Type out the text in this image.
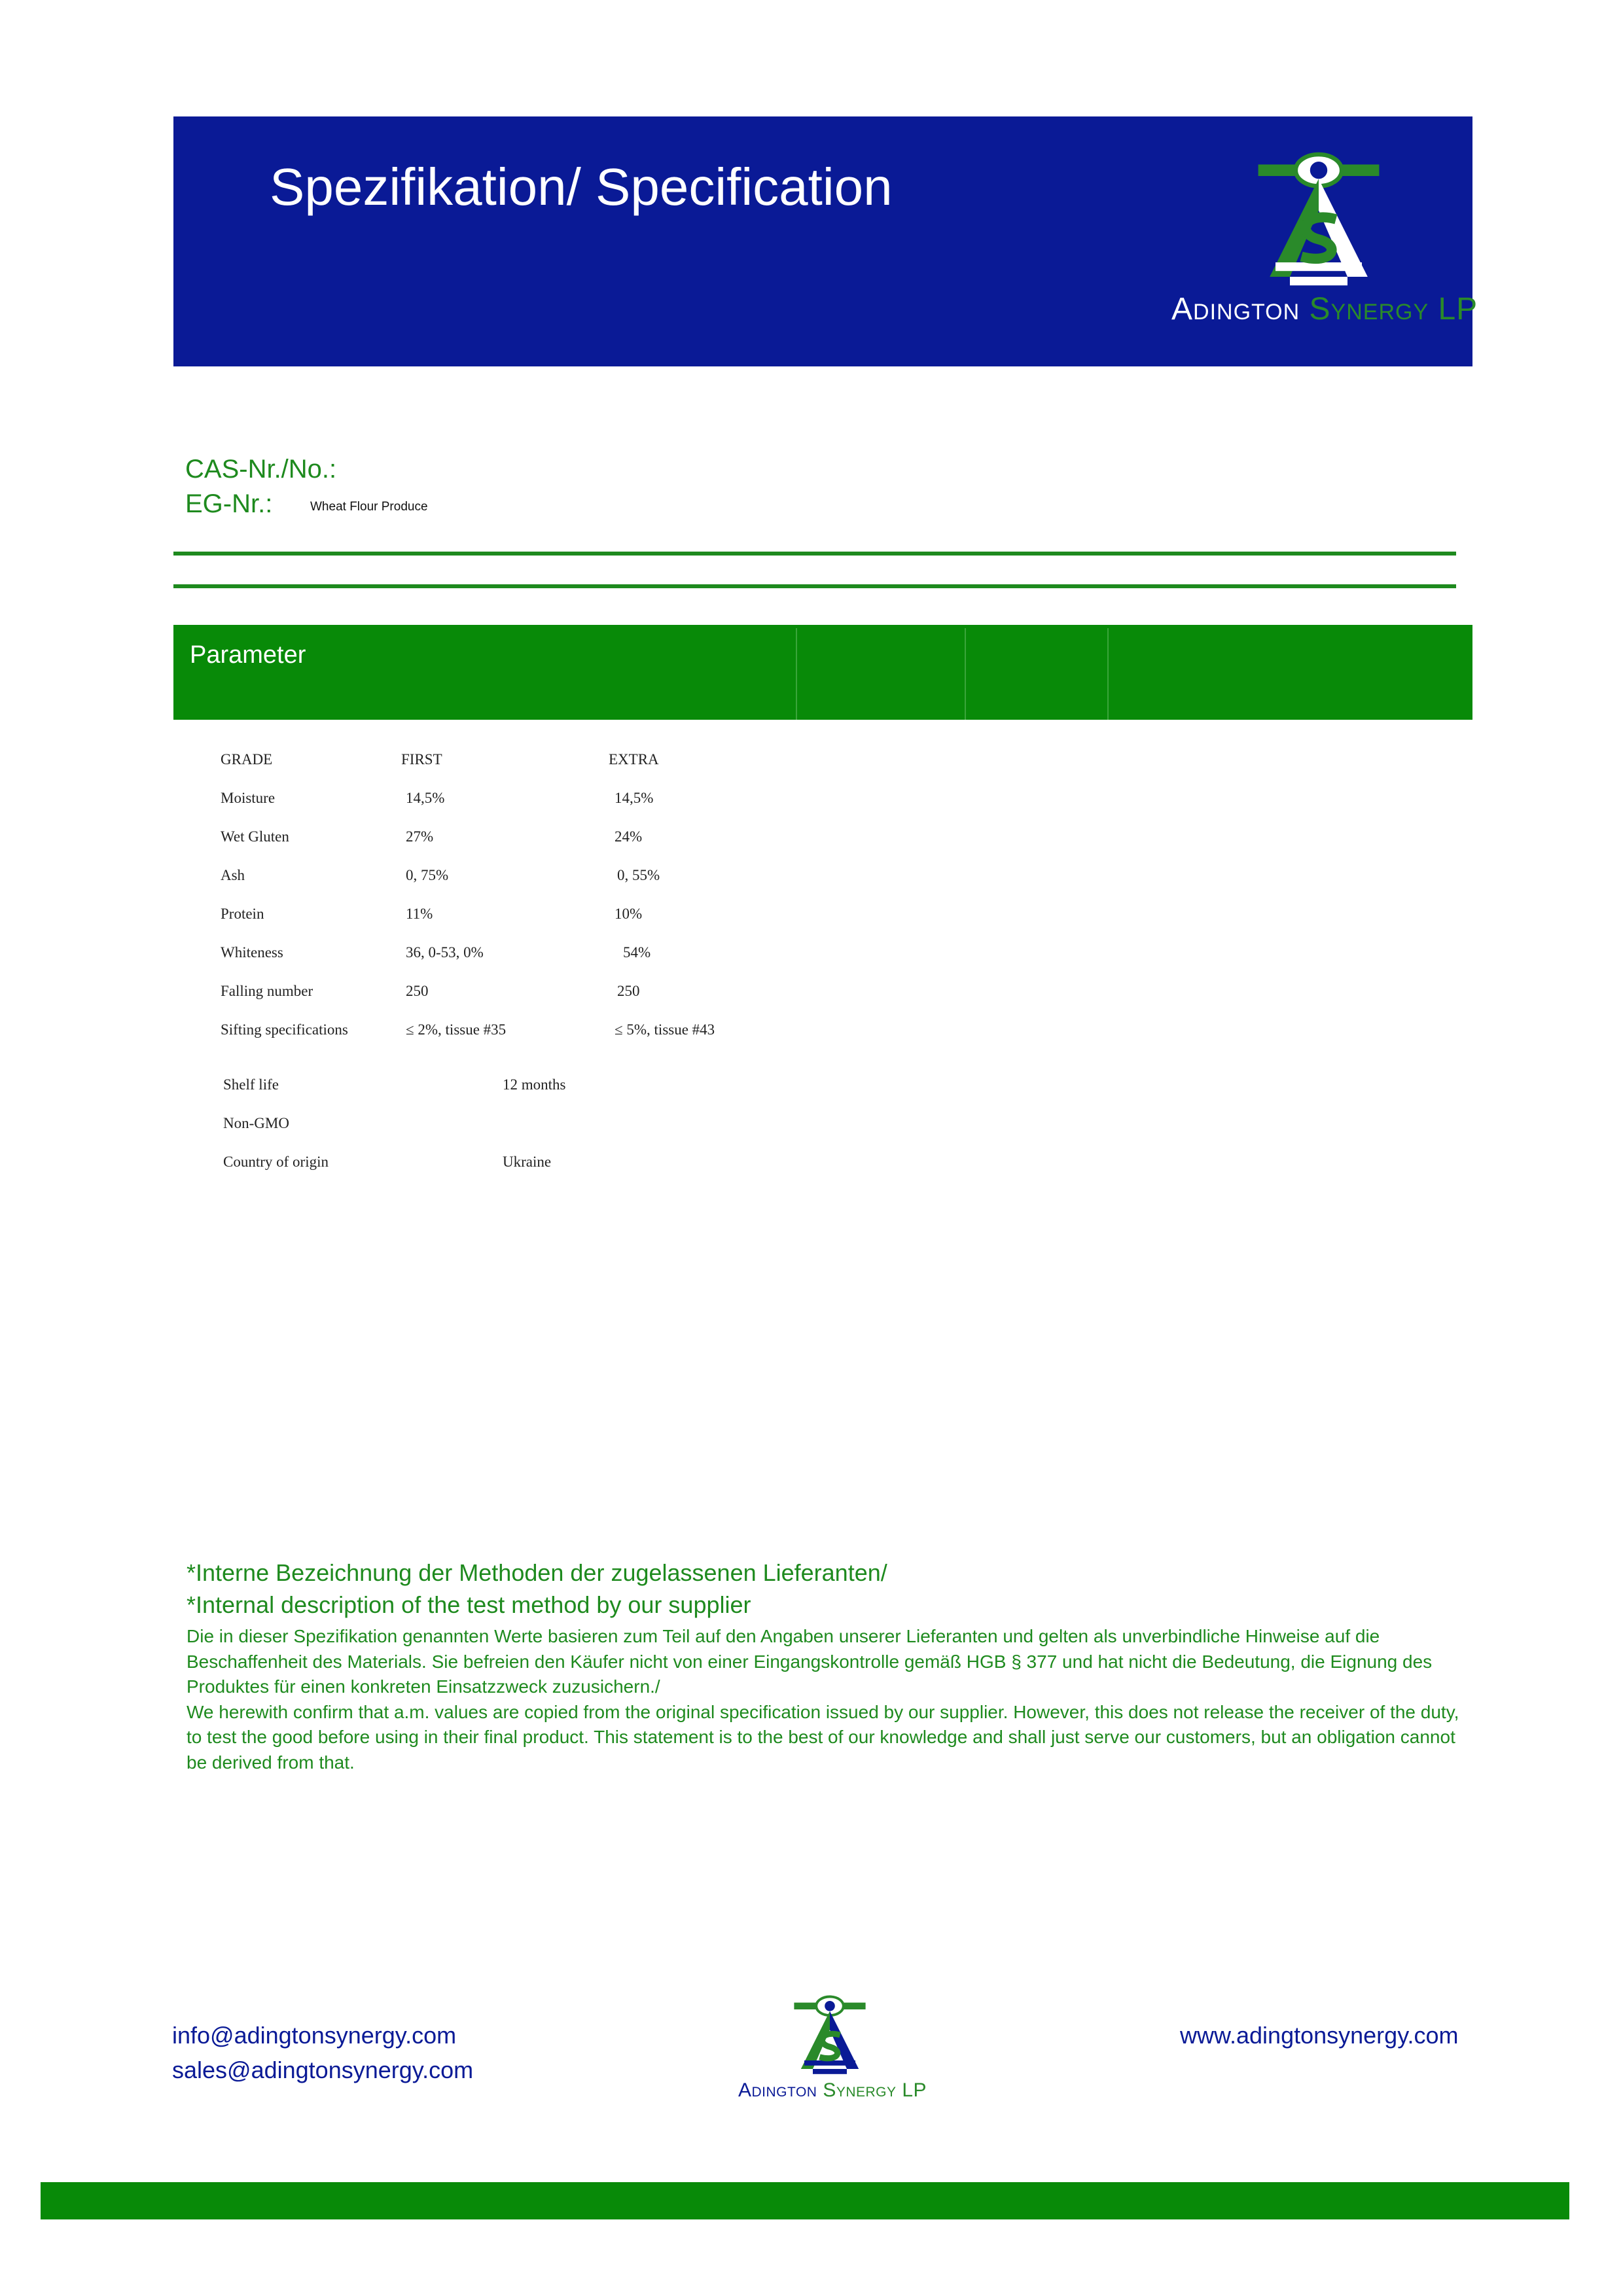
Spezifikation/ Specification
Adington Synergy LP
CAS-Nr./No.:
EG-Nr.:	Wheat Flour Produce
Parameter
GRADE	FIRST	EXTRA
Moisture	14,5%	14,5%
Wet Gluten	27%	24%
Ash	0, 75%	0, 55%
Protein	11%	10%
Whiteness	36, 0-53, 0%	54%
Falling number	250	250
Sifting specifications	≤ 2%, tissue #35	≤ 5%, tissue #43
Shelf life	12 months
Non-GMO
Country of origin	Ukraine
*Interne Bezeichnung der Methoden der zugelassenen Lieferanten/
*Internal description of the test method by our supplier

Die in dieser Spezifikation genannten Werte basieren zum Teil auf den Angaben unserer Lieferanten und gelten als unverbindliche Hinweise auf die Beschaffenheit des Materials. Sie befreien den Käufer nicht von einer Eingangskontrolle gemäß HGB § 377 und hat nicht die Bedeutung, die Eignung des Produktes für einen konkreten Einsatzzweck zuzusichern./

We herewith confirm that a.m. values are copied from the original specification issued by our supplier. However, this does not release the receiver of the duty, to test the good before using in their final product. This statement is to the best of our knowledge and shall just serve our customers, but an obligation cannot be derived from that.

info@adingtonsynergy.com
sales@adingtonsynergy.com
www.adingtonsynergy.com
Adington Synergy LP
